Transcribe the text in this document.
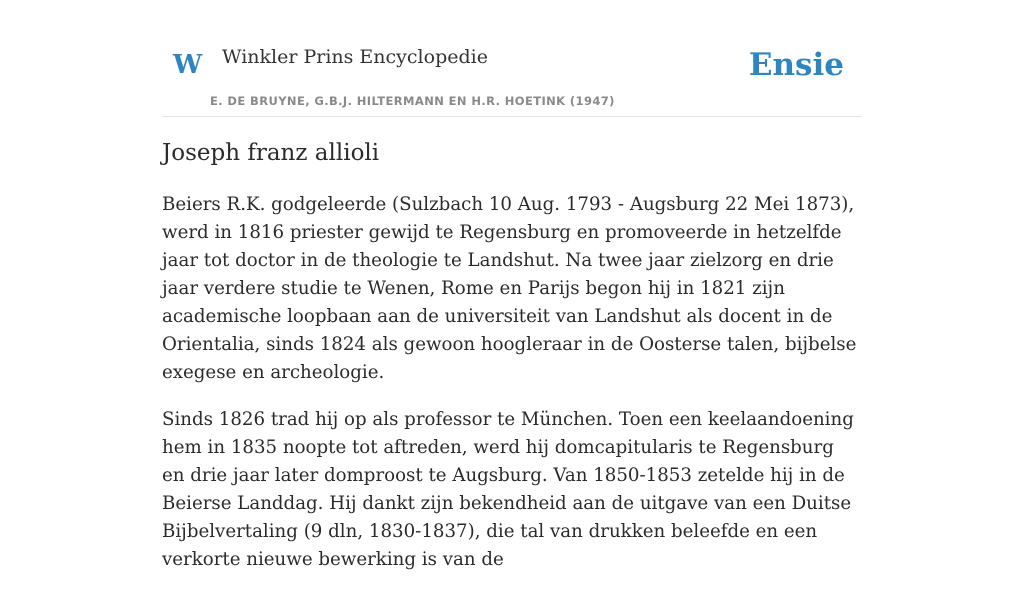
W Winkler Prins Encyclopedie
E. DE BRUYNE, G.B.J. HILTERMANN EN H.R. HOETINK (1947)
Ensie
Joseph franz allioli

Beiers R.K. godgeleerde (Sulzbach 10 Aug. 1793 - Augsburg 22 Mei 1873), werd in 1816 priester gewijd te Regensburg en promoveerde in hetzelfde jaar tot doctor in de theologie te Landshut. Na twee jaar zielzorg en drie jaar verdere studie te Wenen, Rome en Parijs begon hij in 1821 zijn academische loopbaan aan de universiteit van Landshut als docent in de Orientalia, sinds 1824 als gewoon hoogleraar in de Oosterse talen, bijbelse exegese en archeologie.

Sinds 1826 trad hij op als professor te München. Toen een keelaandoening hem in 1835 noopte tot aftreden, werd hij domcapitularis te Regensburg en drie jaar later domproost te Augsburg. Van 1850-1853 zetelde hij in de Beierse Landdag. Hij dankt zijn bekendheid aan de uitgave van een Duitse Bijbelvertaling (9 dln, 1830-1837), die tal van drukken beleefde en een verkorte nieuwe bewerking is van de
